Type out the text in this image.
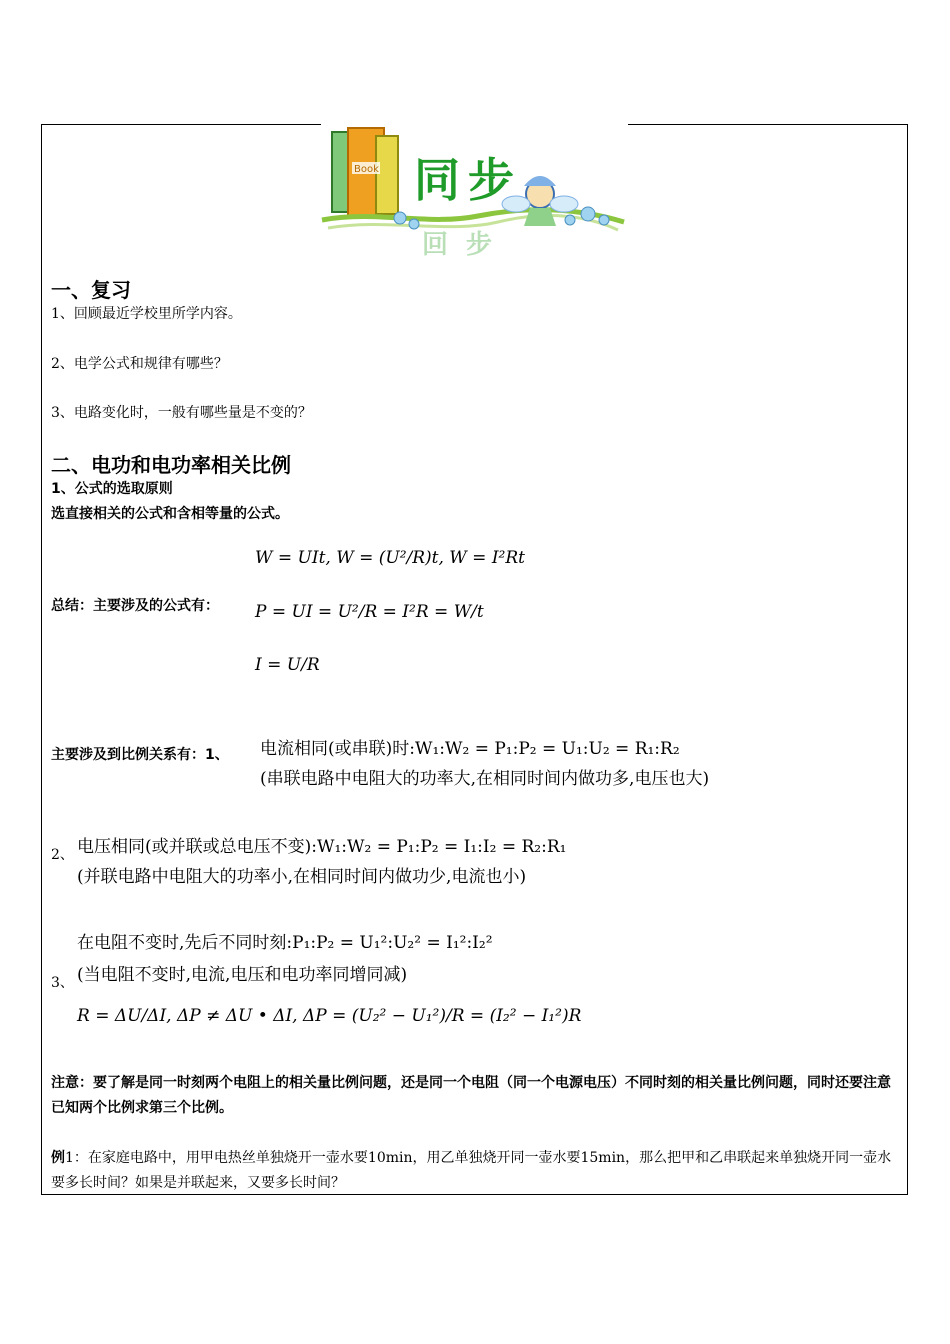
Book 同步
回步
一、复习
1、回顾最近学校里所学内容。
2、电学公式和规律有哪些？
3、电路变化时，一般有哪些量是不变的？
二、电功和电功率相关比例
1、公式的选取原则
选直接相关的公式和含相等量的公式。
总结：主要涉及的公式有：
W = UIt, W = (U²/R)t, W = I²Rt
P = UI = U²/R = I²R = W/t
I = U/R
主要涉及到比例关系有：1、 电流相同(或串联)时:W₁:W₂ = P₁:P₂ = U₁:U₂ = R₁:R₂
(串联电路中电阻大的功率大,在相同时间内做功多,电压也大)
2、 电压相同(或并联或总电压不变):W₁:W₂ = P₁:P₂ = I₁:I₂ = R₂:R₁
(并联电路中电阻大的功率小,在相同时间内做功少,电流也小)
在电阻不变时,先后不同时刻:P₁:P₂ = U₁²:U₂² = I₁²:I₂²
3、 (当电阻不变时,电流,电压和电功率同增同减)
R = ΔU/ΔI, ΔP ≠ ΔU • ΔI, ΔP = (U₂² − U₁²)/R = (I₂² − I₁²)R
注意：要了解是同一时刻两个电阻上的相关量比例问题，还是同一个电阻（同一个电源电压）不同时刻的相关量比例问题，同时还要注意已知两个比例求第三个比例。
例1：在家庭电路中，用甲电热丝单独烧开一壶水要10min，用乙单独烧开同一壶水要15min，那么把甲和乙串联起来单独烧开同一壶水要多长时间？如果是并联起来，又要多长时间？
